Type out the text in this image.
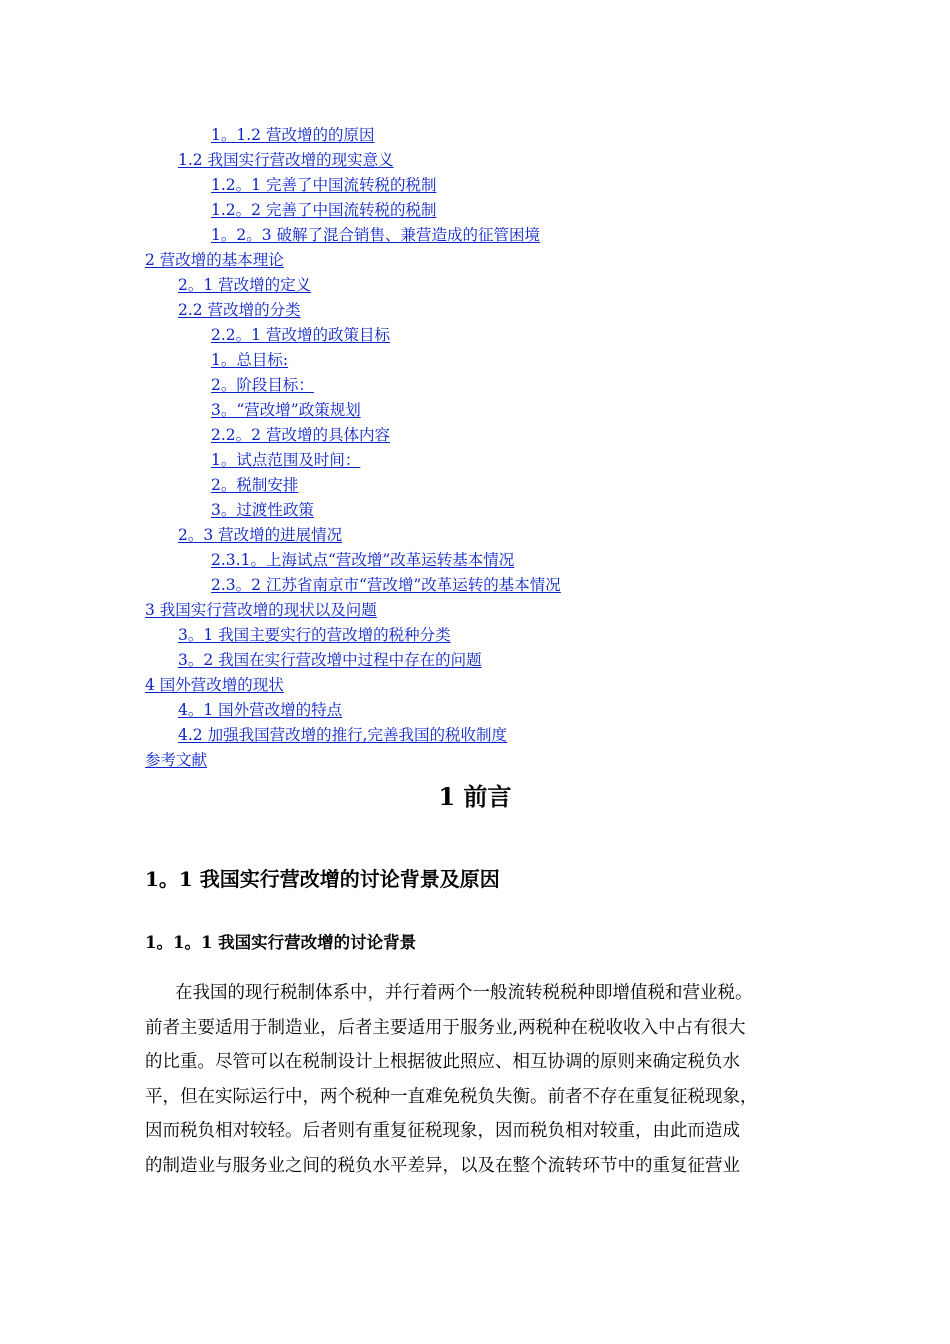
1。1.2 营改增的的原因
1.2 我国实行营改增的现实意义
1.2。1 完善了中国流转税的税制
1.2。2 完善了中国流转税的税制
1。2。3 破解了混合销售、兼营造成的征管困境
2 营改增的基本理论
2。1 营改增的定义
2.2 营改增的分类
2.2。1 营改增的政策目标
1。总目标:
2。阶段目标：
3。“营改增”政策规划
2.2。2 营改增的具体内容
1。试点范围及时间：
2。税制安排
3。过渡性政策
2。3 营改增的进展情况
2.3.1。上海试点“营改增”改革运转基本情况
2.3。2 江苏省南京市“营改增”改革运转的基本情况
3 我国实行营改增的现状以及问题
3。1 我国主要实行的营改增的税种分类
3。2 我国在实行营改增中过程中存在的问题
4 国外营改增的现状
4。1 国外营改增的特点
4.2 加强我国营改增的推行,完善我国的税收制度
参考文献
1 前言
1。1 我国实行营改增的讨论背景及原因
1。1。1 我国实行营改增的讨论背景
在我国的现行税制体系中，并行着两个一般流转税税种即增值税和营业税。
前者主要适用于制造业，后者主要适用于服务业,两税种在税收收入中占有很大
的比重。尽管可以在税制设计上根据彼此照应、相互协调的原则来确定税负水
平，但在实际运行中，两个税种一直难免税负失衡。前者不存在重复征税现象，
因而税负相对较轻。后者则有重复征税现象，因而税负相对较重，由此而造成
的制造业与服务业之间的税负水平差异，以及在整个流转环节中的重复征营业
